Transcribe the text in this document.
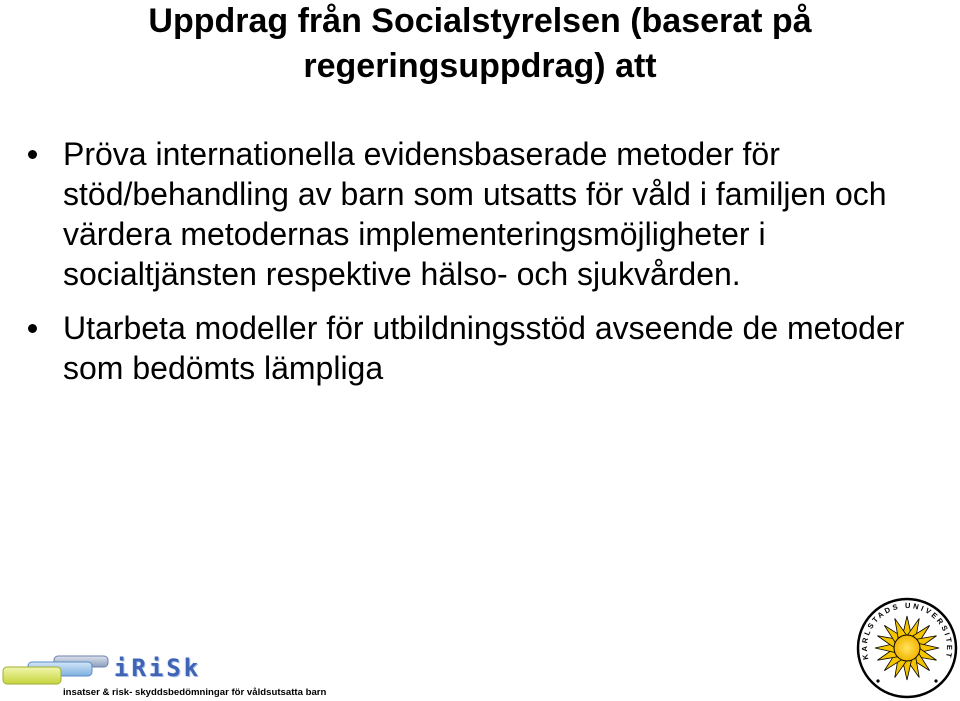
Uppdrag från Socialstyrelsen (baserat på regeringsuppdrag) att
Pröva internationella evidensbaserade metoder för
stöd/behandling av barn som utsatts för våld i familjen och
värdera metodernas implementeringsmöjligheter i
socialtjänsten respektive hälso- och sjukvården.
Utarbeta modeller för utbildningsstöd avseende de metoder
som bedömts lämpliga
iRiSk
insatser & risk- skyddsbedömningar för våldsutsatta barn
KARLSTADS UNIVERSITET
